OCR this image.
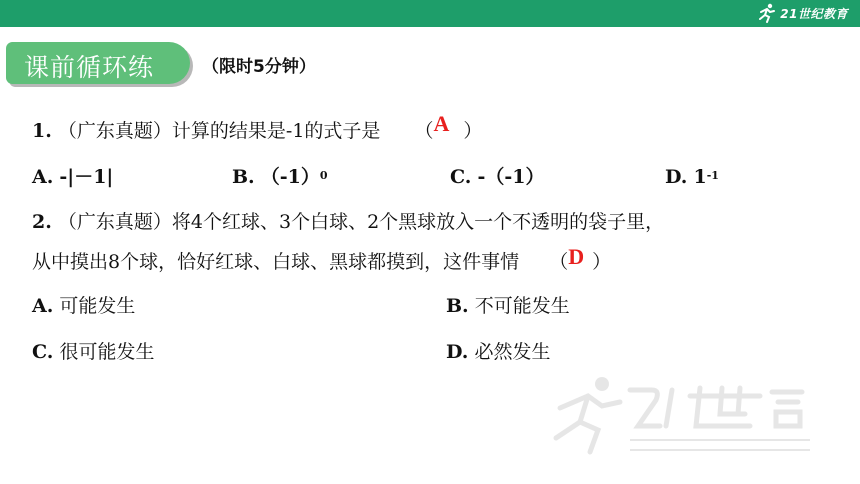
21世纪教育
课前循环练	（限时5分钟）
1. （广东真题）计算的结果是-1的式子是 （A ）
A. -|－1|	B. $(-1)^0$	C. -（-1）	D. $1^{-1}$
2. （广东真题）将4个红球、3个白球、2个黑球放入一个不透明的袋子里，
从中摸出8个球，恰好红球、白球、黑球都摸到，这件事情 （D ）
A. 可能发生	B. 不可能发生
C. 很可能发生	D. 必然发生
